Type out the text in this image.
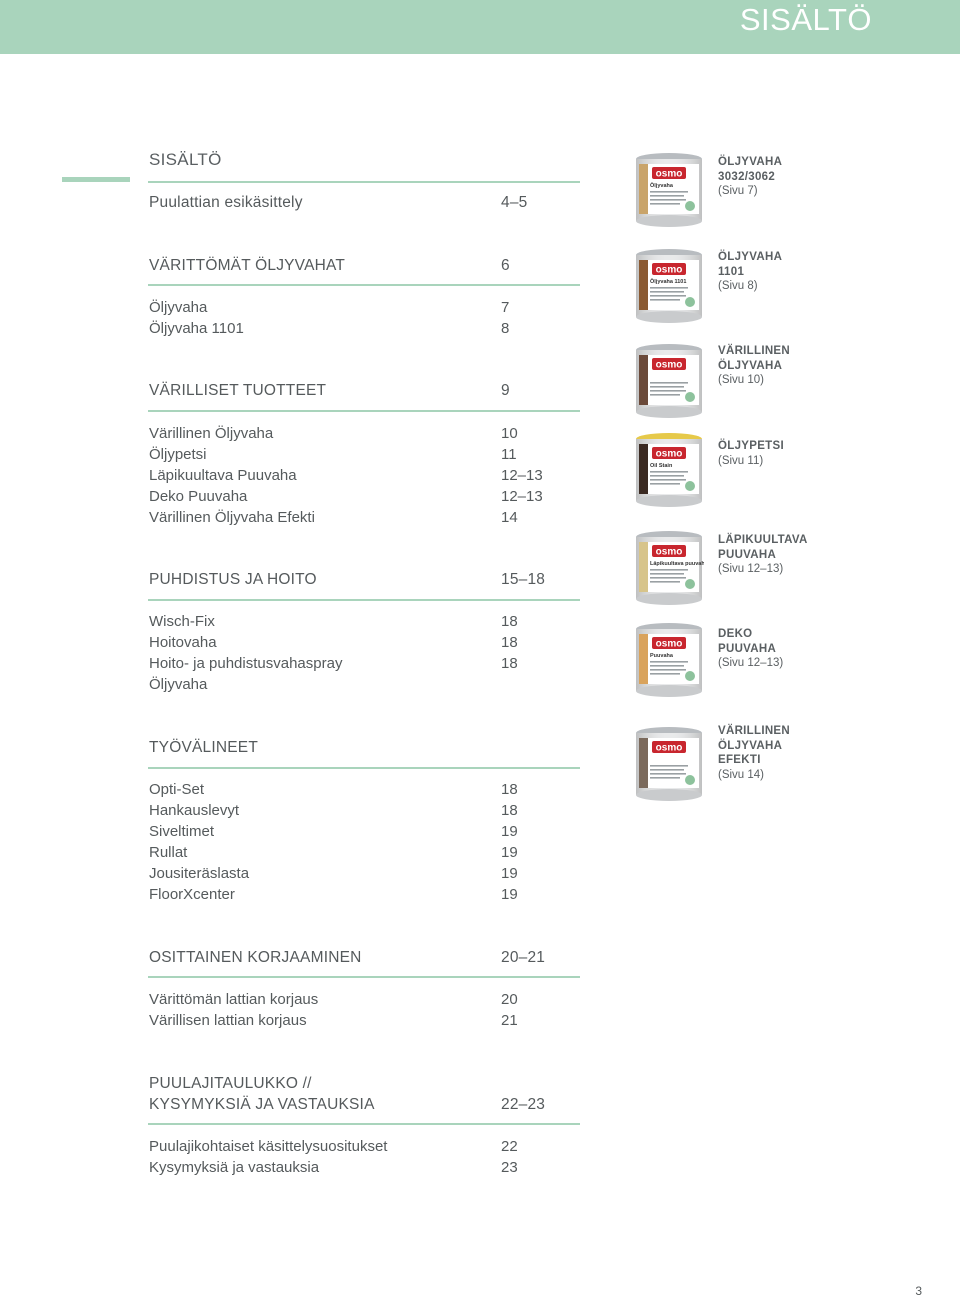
SISÄLTÖ
SISÄLTÖ
Puulattian esikäsittely	4–5
VÄRITTÖMÄT ÖLJYVAHAT	6
Öljyvaha	7
Öljyvaha 1101	8
VÄRILLISET TUOTTEET	9
Värillinen Öljyvaha	10
Öljypetsi	11
Läpikuultava Puuvaha	12–13
Deko Puuvaha	12–13
Värillinen Öljyvaha Efekti	14
PUHDISTUS JA HOITO	15–18
Wisch-Fix	18
Hoitovaha	18
Hoito- ja puhdistusvahaspray	18
Öljyvaha
TYÖVÄLINEET
Opti-Set	18
Hankauslevyt	18
Siveltimet	19
Rullat	19
Jousiteräslasta	19
FloorXcenter	19
OSITTAINEN KORJAAMINEN	20–21
Värittömän lattian korjaus	20
Värillisen lattian korjaus	21
PUULAJITAULUKKO //
KYSYMYKSIÄ JA VASTAUKSIA	22–23
Puulajikohtaiset käsittelysuositukset	22
Kysymyksiä ja vastauksia	23
osmo
Öljyvaha
ÖLJYVAHA
3032/3062
(Sivu 7)
osmo
Öljyvaha 1101
ÖLJYVAHA
1101
(Sivu 8)
osmo
VÄRILLINEN
ÖLJYVAHA
(Sivu 10)
osmo
Oil Stain
ÖLJYPETSI
(Sivu 11)
osmo
Läpikuultava puuvaha
LÄPIKUULTAVA
PUUVAHA
(Sivu 12–13)
osmo
Puuvaha
DEKO
PUUVAHA
(Sivu 12–13)
osmo
VÄRILLINEN
ÖLJYVAHA
EFEKTI
(Sivu 14)
3
